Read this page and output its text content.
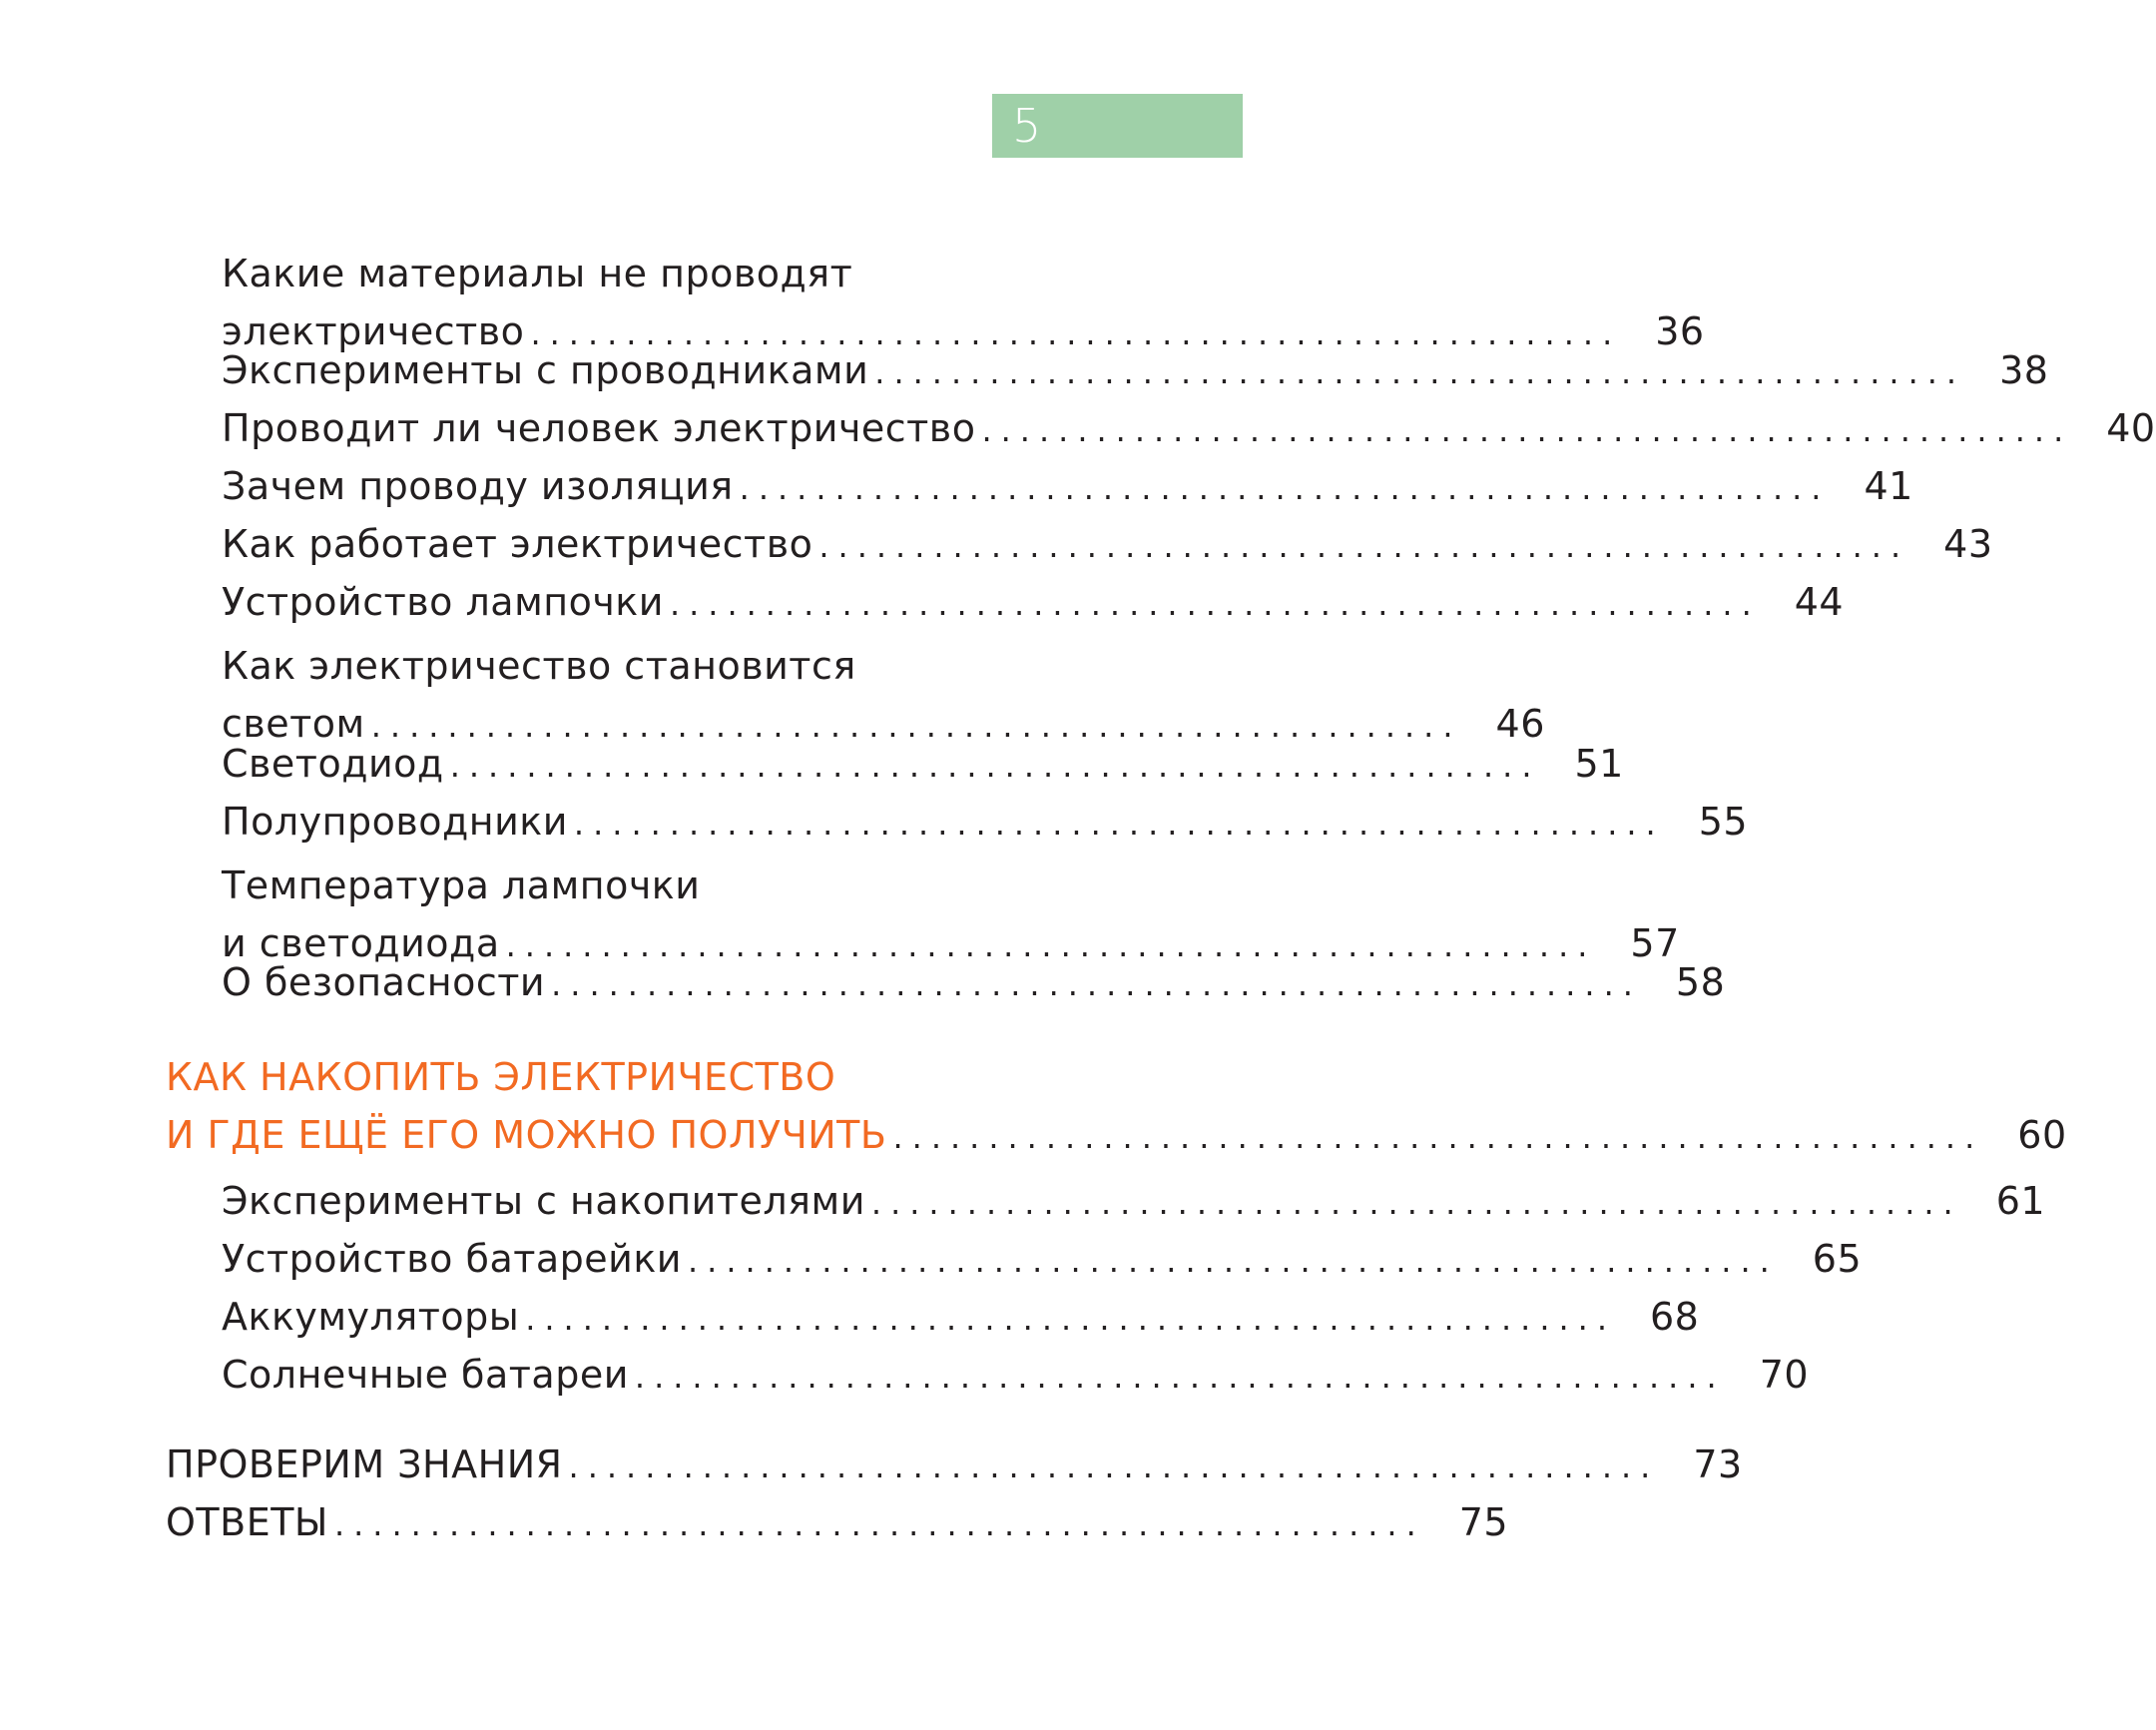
5
Какие материалы не проводят
электричество ......................................................... 36
Эксперименты с проводниками ......................................................... 38
Проводит ли человек электричество ......................................................... 40
Зачем проводу изоляция ......................................................... 41
Как работает электричество ......................................................... 43
Устройство лампочки ......................................................... 44
Как электричество становится
светом ......................................................... 46
Светодиод ......................................................... 51
Полупроводники ......................................................... 55
Температура лампочки
и светодиода ......................................................... 57
О безопасности ......................................................... 58
КАК НАКОПИТЬ ЭЛЕКТРИЧЕСТВО
И ГДЕ ЕЩЁ ЕГО МОЖНО ПОЛУЧИТЬ ......................................................... 60
Эксперименты с накопителями ......................................................... 61
Устройство батарейки ......................................................... 65
Аккумуляторы ......................................................... 68
Солнечные батареи ......................................................... 70
ПРОВЕРИМ ЗНАНИЯ ......................................................... 73
ОТВЕТЫ ......................................................... 75
